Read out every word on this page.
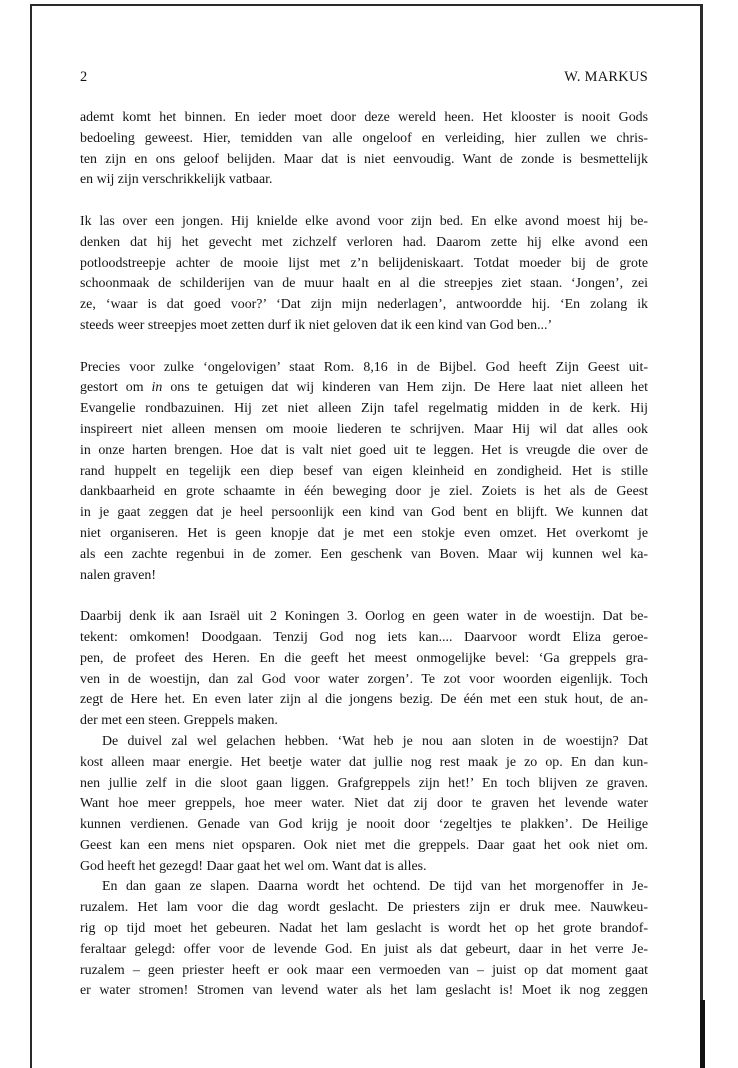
2	W. MARKUS

ademt komt het binnen. En ieder moet door deze wereld heen. Het klooster is nooit Gods
bedoeling geweest. Hier, temidden van alle ongeloof en verleiding, hier zullen we chris-
ten zijn en ons geloof belijden. Maar dat is niet eenvoudig. Want de zonde is besmettelijk
en wij zijn verschrikkelijk vatbaar.

Ik las over een jongen. Hij knielde elke avond voor zijn bed. En elke avond moest hij be-
denken dat hij het gevecht met zichzelf verloren had. Daarom zette hij elke avond een
potloodstreepje achter de mooie lijst met z’n belijdeniskaart. Totdat moeder bij de grote
schoonmaak de schilderijen van de muur haalt en al die streepjes ziet staan. ‘Jongen’, zei
ze, ‘waar is dat goed voor?’ ‘Dat zijn mijn nederlagen’, antwoordde hij. ‘En zolang ik
steeds weer streepjes moet zetten durf ik niet geloven dat ik een kind van God ben...’

Precies voor zulke ‘ongelovigen’ staat Rom. 8,16 in de Bijbel. God heeft Zijn Geest uit-
gestort om in ons te getuigen dat wij kinderen van Hem zijn. De Here laat niet alleen het
Evangelie rondbazuinen. Hij zet niet alleen Zijn tafel regelmatig midden in de kerk. Hij
inspireert niet alleen mensen om mooie liederen te schrijven. Maar Hij wil dat alles ook
in onze harten brengen. Hoe dat is valt niet goed uit te leggen. Het is vreugde die over de
rand huppelt en tegelijk een diep besef van eigen kleinheid en zondigheid. Het is stille
dankbaarheid en grote schaamte in één beweging door je ziel. Zoiets is het als de Geest
in je gaat zeggen dat je heel persoonlijk een kind van God bent en blijft. We kunnen dat
niet organiseren. Het is geen knopje dat je met een stokje even omzet. Het overkomt je
als een zachte regenbui in de zomer. Een geschenk van Boven. Maar wij kunnen wel ka-
nalen graven!

Daarbij denk ik aan Israël uit 2 Koningen 3. Oorlog en geen water in de woestijn. Dat be-
tekent: omkomen! Doodgaan. Tenzij God nog iets kan.... Daarvoor wordt Eliza geroe-
pen, de profeet des Heren. En die geeft het meest onmogelijke bevel: ‘Ga greppels gra-
ven in de woestijn, dan zal God voor water zorgen’. Te zot voor woorden eigenlijk. Toch
zegt de Here het. En even later zijn al die jongens bezig. De één met een stuk hout, de an-
der met een steen. Greppels maken.

De duivel zal wel gelachen hebben. ‘Wat heb je nou aan sloten in de woestijn? Dat
kost alleen maar energie. Het beetje water dat jullie nog rest maak je zo op. En dan kun-
nen jullie zelf in die sloot gaan liggen. Grafgreppels zijn het!’ En toch blijven ze graven.
Want hoe meer greppels, hoe meer water. Niet dat zij door te graven het levende water
kunnen verdienen. Genade van God krijg je nooit door ‘zegeltjes te plakken’. De Heilige
Geest kan een mens niet opsparen. Ook niet met die greppels. Daar gaat het ook niet om.
God heeft het gezegd! Daar gaat het wel om. Want dat is alles.

En dan gaan ze slapen. Daarna wordt het ochtend. De tijd van het morgenoffer in Je-
ruzalem. Het lam voor die dag wordt geslacht. De priesters zijn er druk mee. Nauwkeu-
rig op tijd moet het gebeuren. Nadat het lam geslacht is wordt het op het grote brandof-
feraltaar gelegd: offer voor de levende God. En juist als dat gebeurt, daar in het verre Je-
ruzalem – geen priester heeft er ook maar een vermoeden van – juist op dat moment gaat
er water stromen! Stromen van levend water als het lam geslacht is! Moet ik nog zeggen
